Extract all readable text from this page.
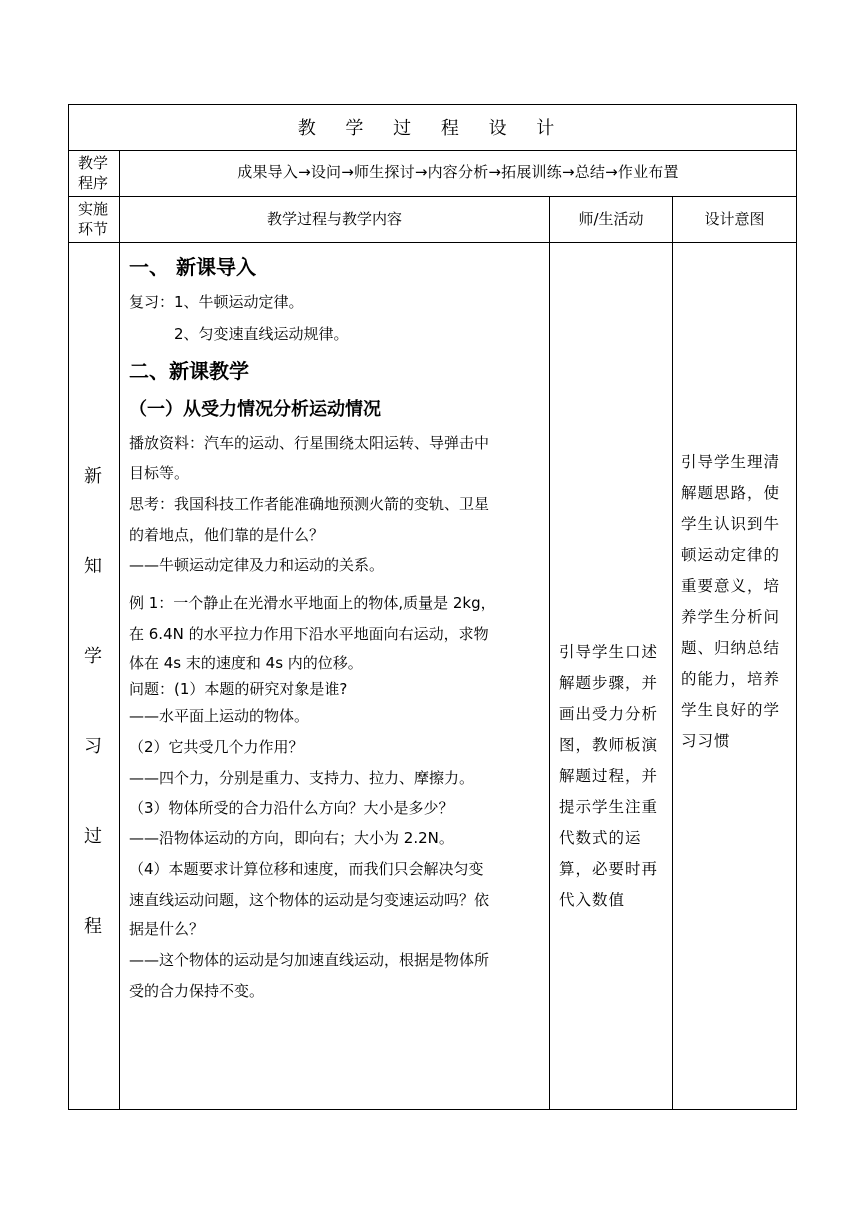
教 学 过 程 设 计
教学
程序
成果导入→设问→师生探讨→内容分析→拓展训练→总结→作业布置
实施
环节
教学过程与教学内容	师/生活动	设计意图
新
知
学
习
过
程
一、 新课导入

复习：1、牛顿运动定律。

2、匀变速直线运动规律。

二、新课教学
（一）从受力情况分析运动情况

播放资料：汽车的运动、行星围绕太阳运转、导弹击中

目标等。

思考：我国科技工作者能准确地预测火箭的变轨、卫星

的着地点，他们靠的是什么？

——牛顿运动定律及力和运动的关系。

例 1：一个静止在光滑水平地面上的物体,质量是 2kg，

在 6.4N 的水平拉力作用下沿水平地面向右运动，求物

体在 4s 末的速度和 4s 内的位移。

问题：(1）本题的研究对象是谁?

——水平面上运动的物体。

（2）它共受几个力作用？

——四个力，分别是重力、支持力、拉力、摩擦力。

（3）物体所受的合力沿什么方向？大小是多少？

——沿物体运动的方向，即向右；大小为 2.2N。

（4）本题要求计算位移和速度，而我们只会解决匀变

速直线运动问题，这个物体的运动是匀变速运动吗？依

据是什么？

——这个物体的运动是匀加速直线运动，根据是物体所

受的合力保持不变。

引导学生口述
解题步骤，并
画出受力分析
图，教师板演
解题过程，并
提示学生注重
代数式的运
算，必要时再
代入数值
引导学生理清
解题思路，使
学生认识到牛
顿运动定律的
重要意义，培
养学生分析问
题、归纳总结
的能力，培养
学生良好的学
习习惯
